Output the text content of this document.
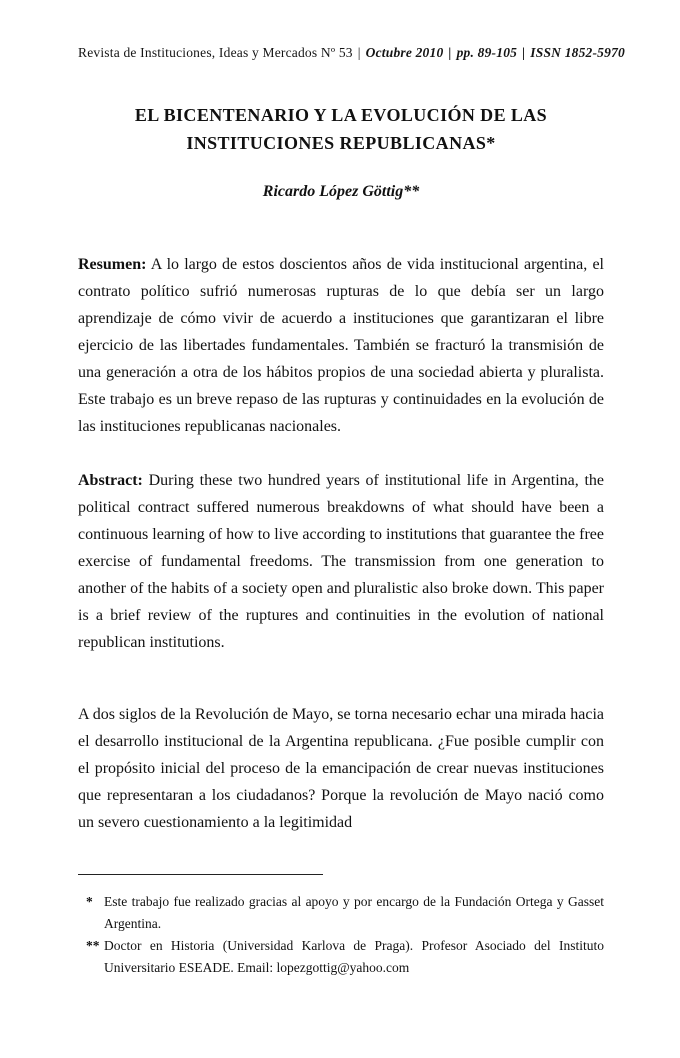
Revista de Instituciones, Ideas y Mercados Nº 53 | Octubre 2010 | pp. 89-105 | ISSN 1852-5970
EL BICENTENARIO Y LA EVOLUCIÓN DE LAS
INSTITUCIONES REPUBLICANAS*
Ricardo López Göttig**

Resumen: A lo largo de estos doscientos años de vida institucional argentina, el contrato político sufrió numerosas rupturas de lo que debía ser un largo aprendizaje de cómo vivir de acuerdo a instituciones que garantizaran el libre ejercicio de las libertades fundamentales. También se fracturó la transmisión de una generación a otra de los hábitos propios de una sociedad abierta y pluralista. Este trabajo es un breve repaso de las rupturas y continuidades en la evolución de las instituciones republicanas nacionales.

Abstract: During these two hundred years of institutional life in Argentina, the political contract suffered numerous breakdowns of what should have been a continuous learning of how to live according to institutions that guarantee the free exercise of fundamental freedoms. The transmission from one generation to another of the habits of a society open and pluralistic also broke down. This paper is a brief review of the ruptures and continuities in the evolution of national republican institutions.

A dos siglos de la Revolución de Mayo, se torna necesario echar una mirada hacia el desarrollo institucional de la Argentina republicana. ¿Fue posible cumplir con el propósito inicial del proceso de la emancipación de crear nuevas instituciones que representaran a los ciudadanos? Porque la revolución de Mayo nació como un severo cuestionamiento a la legitimidad

* Este trabajo fue realizado gracias al apoyo y por encargo de la Fundación Ortega y Gasset Argentina.
** Doctor en Historia (Universidad Karlova de Praga). Profesor Asociado del Instituto Universitario ESEADE. Email: lopezgottig@yahoo.com
